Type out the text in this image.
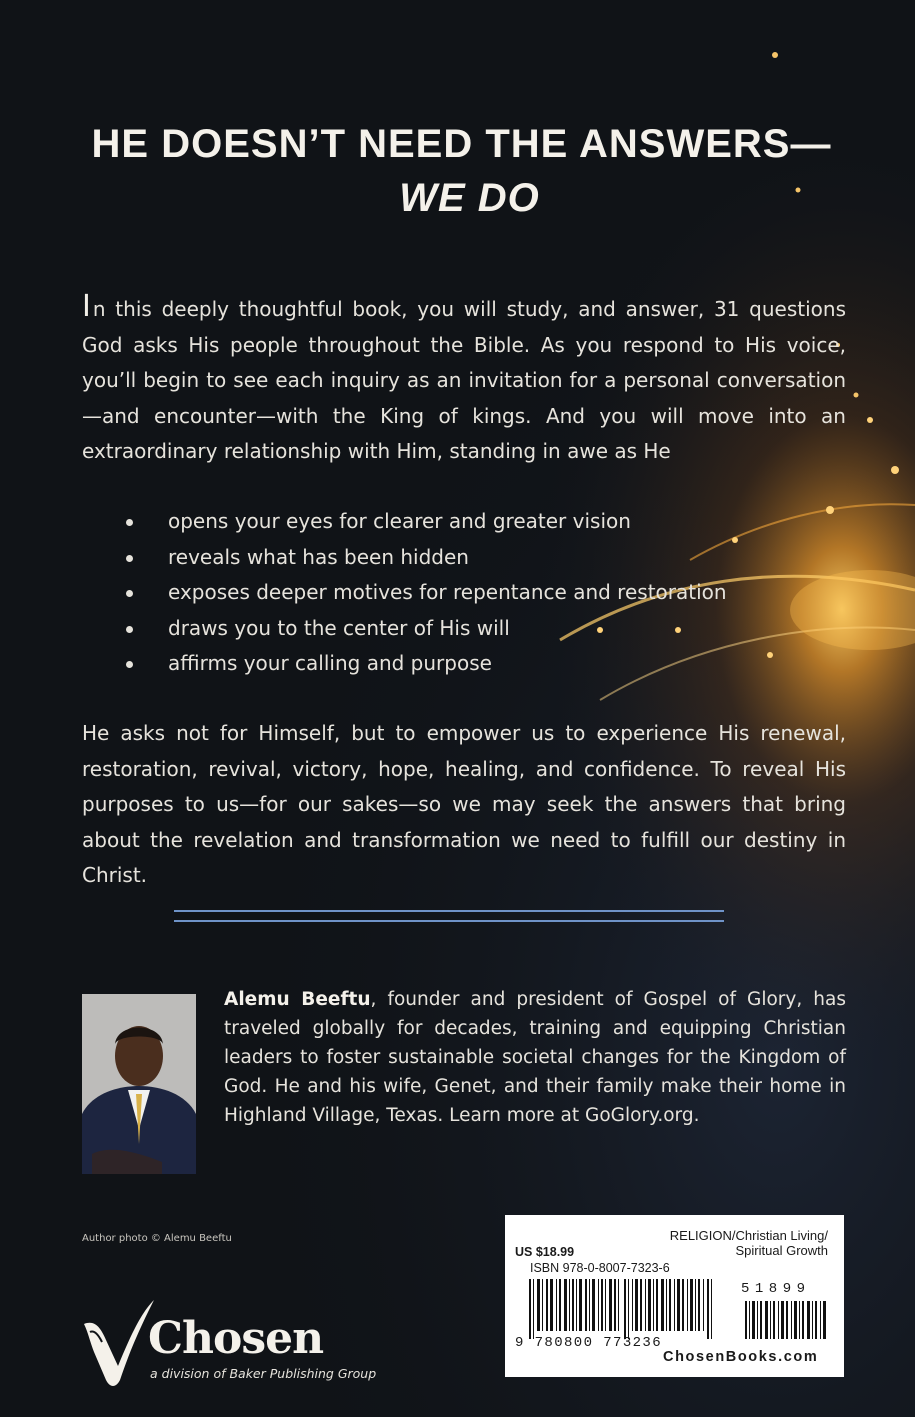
HE DOESN’T NEED THE ANSWERS—
WE DO

In this deeply thoughtful book, you will study, and answer, 31 questions God asks His people throughout the Bible. As you respond to His voice, you’ll begin to see each inquiry as an invitation for a personal conversation—and encounter—with the King of kings. And you will move into an extraordinary relationship with Him, standing in awe as He

opens your eyes for clearer and greater vision
reveals what has been hidden
exposes deeper motives for repentance and restoration
draws you to the center of His will
affirms your calling and purpose

He asks not for Himself, but to empower us to experience His renewal, restoration, revival, victory, hope, healing, and confidence. To reveal His purposes to us—for our sakes—so we may seek the answers that bring about the revelation and transformation we need to fulfill our destiny in Christ.

Alemu Beeftu, founder and president of Gospel of Glory, has traveled globally for decades, training and equipping Christian leaders to foster sustainable societal changes for the Kingdom of God. He and his wife, Genet, and their family make their home in Highland Village, Texas. Learn more at GoGlory.org.

Author photo © Alemu Beeftu
Chosen
a division of Baker Publishing Group
RELIGION/Christian Living/
Spiritual Growth
US $18.99
ISBN 978-0-8007-7323-6
9 780800 773236
51899
ChosenBooks.com
